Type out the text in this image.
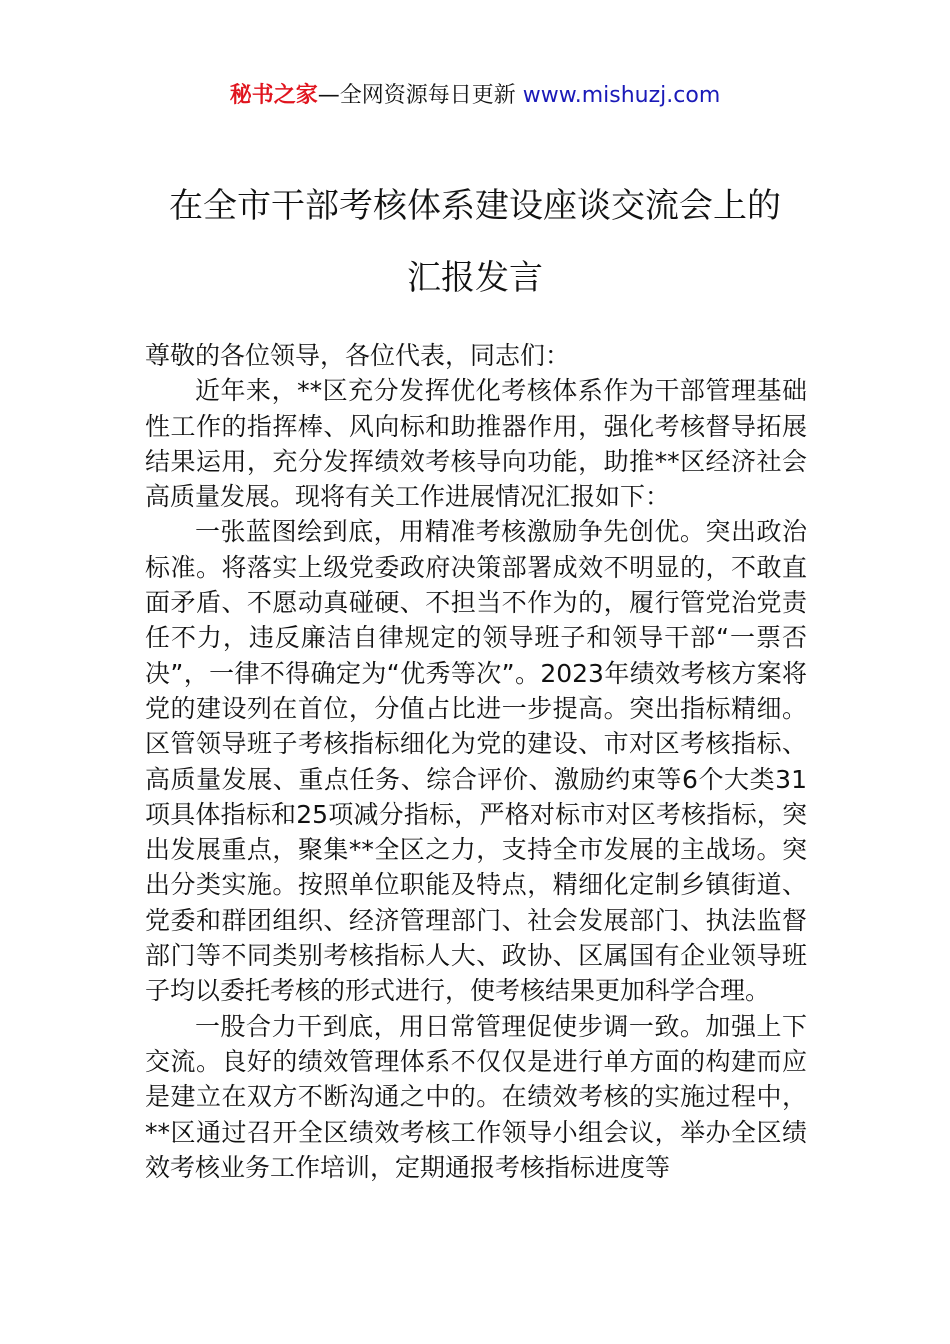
秘书之家—全网资源每日更新 www.mishuzj.com
在全市干部考核体系建设座谈交流会上的
汇报发言

尊敬的各位领导，各位代表，同志们：

近年来，**区充分发挥优化考核体系作为干部管理基础性工作的指挥棒、风向标和助推器作用，强化考核督导拓展结果运用，充分发挥绩效考核导向功能，助推**区经济社会高质量发展。现将有关工作进展情况汇报如下：

一张蓝图绘到底，用精准考核激励争先创优。突出政治标准。将落实上级党委政府决策部署成效不明显的，不敢直面矛盾、不愿动真碰硬、不担当不作为的，履行管党治党责任不力，违反廉洁自律规定的领导班子和领导干部“一票否决”，一律不得确定为“优秀等次”。2023年绩效考核方案将党的建设列在首位，分值占比进一步提高。突出指标精细。区管领导班子考核指标细化为党的建设、市对区考核指标、高质量发展、重点任务、综合评价、激励约束等6个大类31项具体指标和25项减分指标，严格对标市对区考核指标，突出发展重点，聚集**全区之力，支持全市发展的主战场。突出分类实施。按照单位职能及特点，精细化定制乡镇街道、党委和群团组织、经济管理部门、社会发展部门、执法监督部门等不同类别考核指标人大、政协、区属国有企业领导班子均以委托考核的形式进行，使考核结果更加科学合理。

一股合力干到底，用日常管理促使步调一致。加强上下交流。良好的绩效管理体系不仅仅是进行单方面的构建而应是建立在双方不断沟通之中的。在绩效考核的实施过程中，**区通过召开全区绩效考核工作领导小组会议，举办全区绩效考核业务工作培训，定期通报考核指标进度等
